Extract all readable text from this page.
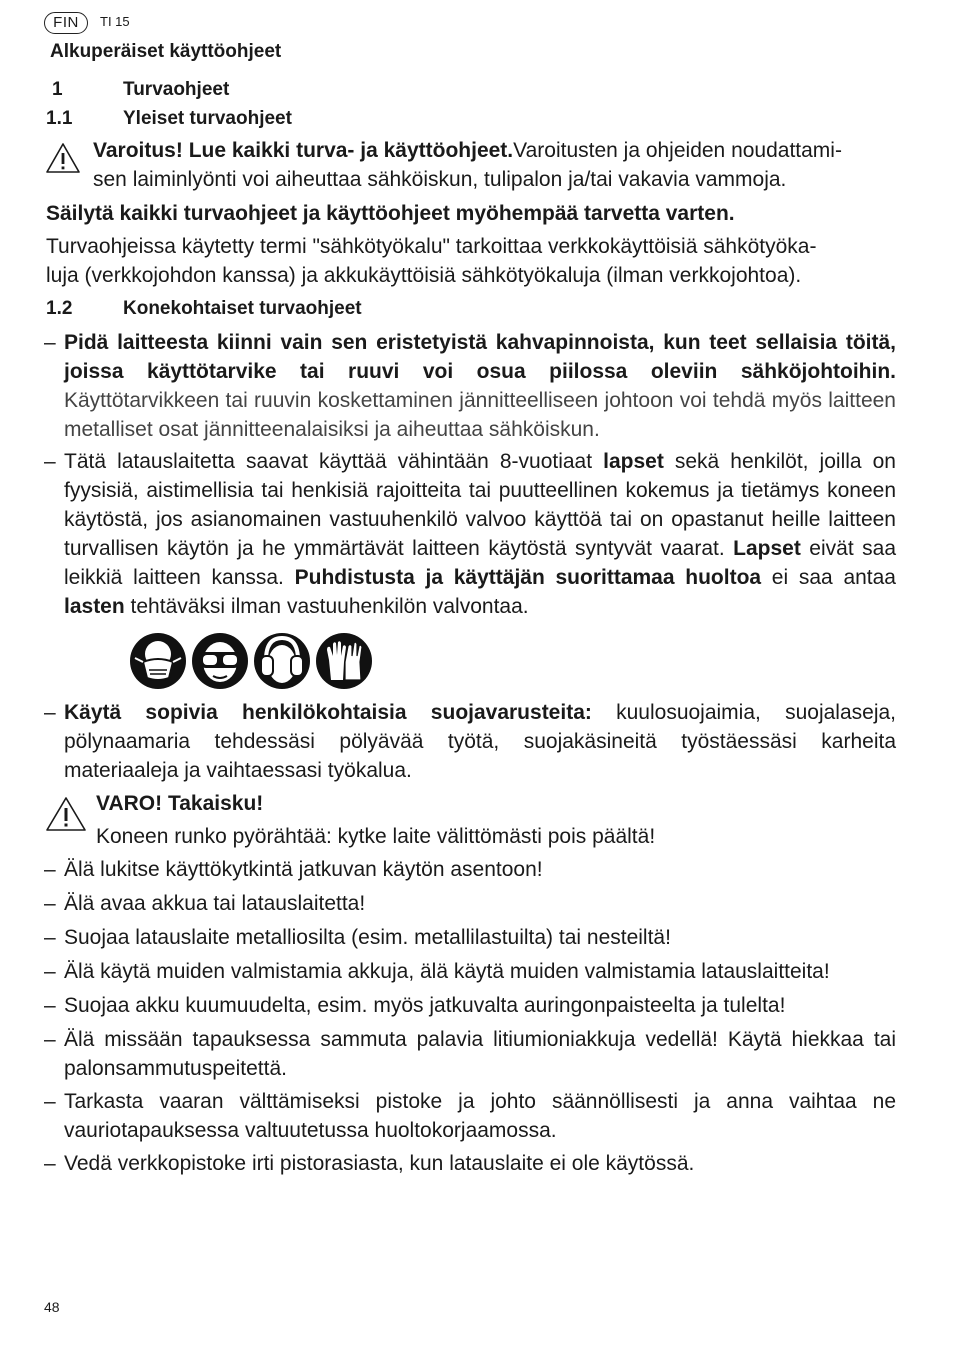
FIN	TI 15
Alkuperäiset käyttöohjeet
1	Turvaohjeet
1.1	Yleiset turvaohjeet
Varoitus! Lue kaikki turva- ja käyttöohjeet.Varoitusten ja ohjeiden noudattami-
sen laiminlyönti voi aiheuttaa sähköiskun, tulipalon ja/tai vakavia vammoja.
Säilytä kaikki turvaohjeet ja käyttöohjeet myöhempää tarvetta varten.
Turvaohjeissa käytetty termi "sähkötyökalu" tarkoittaa verkkokäyttöisiä sähkötyöka-
luja (verkkojohdon kanssa) ja akkukäyttöisiä sähkötyökaluja (ilman verkkojohtoa).
1.2	Konekohtaiset turvaohjeet
– Pidä laitteesta kiinni vain sen eristetyistä kahvapinnoista, kun teet sellaisia töitä, joissa käyttötarvike tai ruuvi voi osua piilossa oleviin sähköjohtoihin. Käyttötarvikkeen tai ruuvin koskettaminen jännitteelliseen johtoon voi tehdä myös laitteen metalliset osat jännitteenalaisiksi ja aiheuttaa sähköiskun.
– Tätä latauslaitetta saavat käyttää vähintään 8-vuotiaat lapset sekä henkilöt, joilla on fyysisiä, aistimellisia tai henkisiä rajoitteita tai puutteellinen kokemus ja tietämys koneen käytöstä, jos asianomainen vastuuhenkilö valvoo käyttöä tai on opastanut heille laitteen turvallisen käytön ja he ymmärtävät laitteen käytöstä syntyvät vaarat. Lapset eivät saa leikkiä laitteen kanssa. Puhdistusta ja käyttäjän suorittamaa huoltoa ei saa antaa lasten tehtäväksi ilman vastuuhenkilön valvontaa.
– Käytä sopivia henkilökohtaisia suojavarusteita: kuulosuojaimia, suojalaseja, pölynaamaria tehdessäsi pölyävää työtä, suojakäsineitä työstäessäsi karheita materiaaleja ja vaihtaessasi työkalua.
VARO! Takaisku!
Koneen runko pyörähtää: kytke laite välittömästi pois päältä!
– Älä lukitse käyttökytkintä jatkuvan käytön asentoon!
– Älä avaa akkua tai latauslaitetta!
– Suojaa latauslaite metalliosilta (esim. metallilastuilta) tai nesteiltä!
– Älä käytä muiden valmistamia akkuja, älä käytä muiden valmistamia latauslaitteita!
– Suojaa akku kuumuudelta, esim. myös jatkuvalta auringonpaisteelta ja tulelta!
– Älä missään tapauksessa sammuta palavia litiumioniakkuja vedellä! Käytä hiekkaa tai palonsammutuspeitettä.
– Tarkasta vaaran välttämiseksi pistoke ja johto säännöllisesti ja anna vaihtaa ne vauriotapauksessa valtuutetussa huoltokorjaamossa.
– Vedä verkkopistoke irti pistorasiasta, kun latauslaite ei ole käytössä.
48
